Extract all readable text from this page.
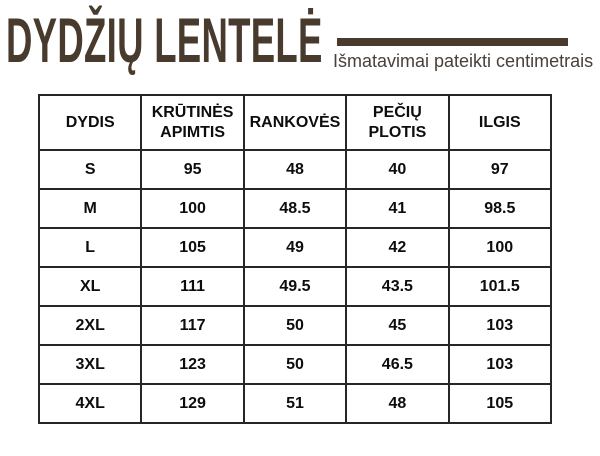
DYDŽIŲ LENTELĖ Išmatavimai pateikti centimetrais
DYDIS	KRŪTINĖS APIMTIS	RANKOVĖS	PEČIŲ PLOTIS	ILGIS
S	95	48	40	97
M	100	48.5	41	98.5
L	105	49	42	100
XL	111	49.5	43.5	101.5
2XL	117	50	45	103
3XL	123	50	46.5	103
4XL	129	51	48	105
